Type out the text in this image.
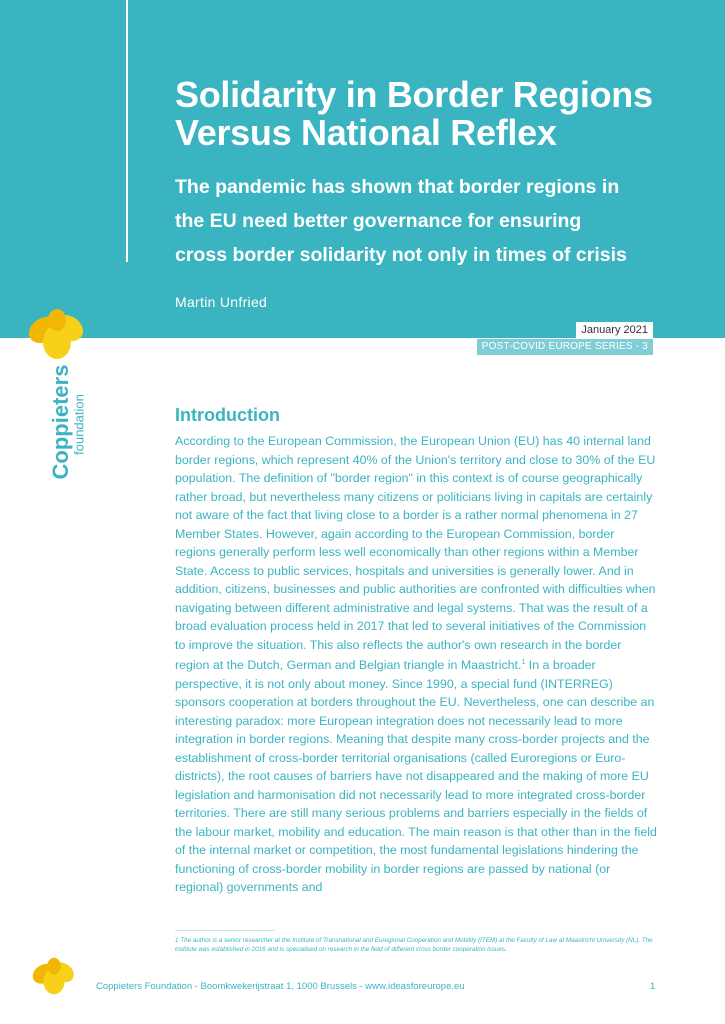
Solidarity in Border Regions
Versus National Reflex
The pandemic has shown that border regions in
the EU need better governance for ensuring
cross border solidarity not only in times of crisis
Martin Unfried
January 2021
POST-COVID EUROPE SERIES - 3
Coppieters
foundation	Introduction

According to the European Commission, the European Union (EU) has 40 internal land border regions, which represent 40% of the Union's territory and close to 30% of the EU population. The definition of "border region" in this context is of course geographically rather broad, but nevertheless many citizens or politicians living in capitals are certainly not aware of the fact that living close to a border is a rather normal phenomena in 27 Member States. However, again according to the European Commission, border regions generally perform less well economically than other regions within a Member State. Access to public services, hospitals and universities is generally lower. And in addition, citizens, businesses and public authorities are confronted with difficulties when navigating between different administrative and legal systems. That was the result of a broad evaluation process held in 2017 that led to several initiatives of the Commission to improve the situation. This also reflects the author's own research in the border region at the Dutch, German and Belgian triangle in Maastricht.$^1$ In a broader perspective, it is not only about money. Since 1990, a special fund (INTERREG) sponsors cooperation at borders throughout the EU. Nevertheless, one can describe an interesting paradox: more European integration does not necessarily lead to more integration in border regions. Meaning that despite many cross-border projects and the establishment of cross-border territorial organisations (called Euroregions or Euro-districts), the root causes of barriers have not disappeared and the making of more EU legislation and harmonisation did not necessarily lead to more integrated cross-border territories. There are still many serious problems and barriers especially in the fields of the labour market, mobility and education. The main reason is that other than in the field of the internal market or competition, the most fundamental legislations hindering the functioning of cross-border mobility in border regions are passed by national (or regional) governments and

1 The author is a senior researcher at the Institute of Transnational and Euregional Cooperation and Mobility (ITEM) at the Faculty of Law at Maastricht University (NL). The institute was established in 2016 and is specialised on research in the field of different cross border cooperation issues.

Coppieters Foundation - Boomkwekerijstraat 1, 1000 Brussels - www.ideasforeurope.eu	1
